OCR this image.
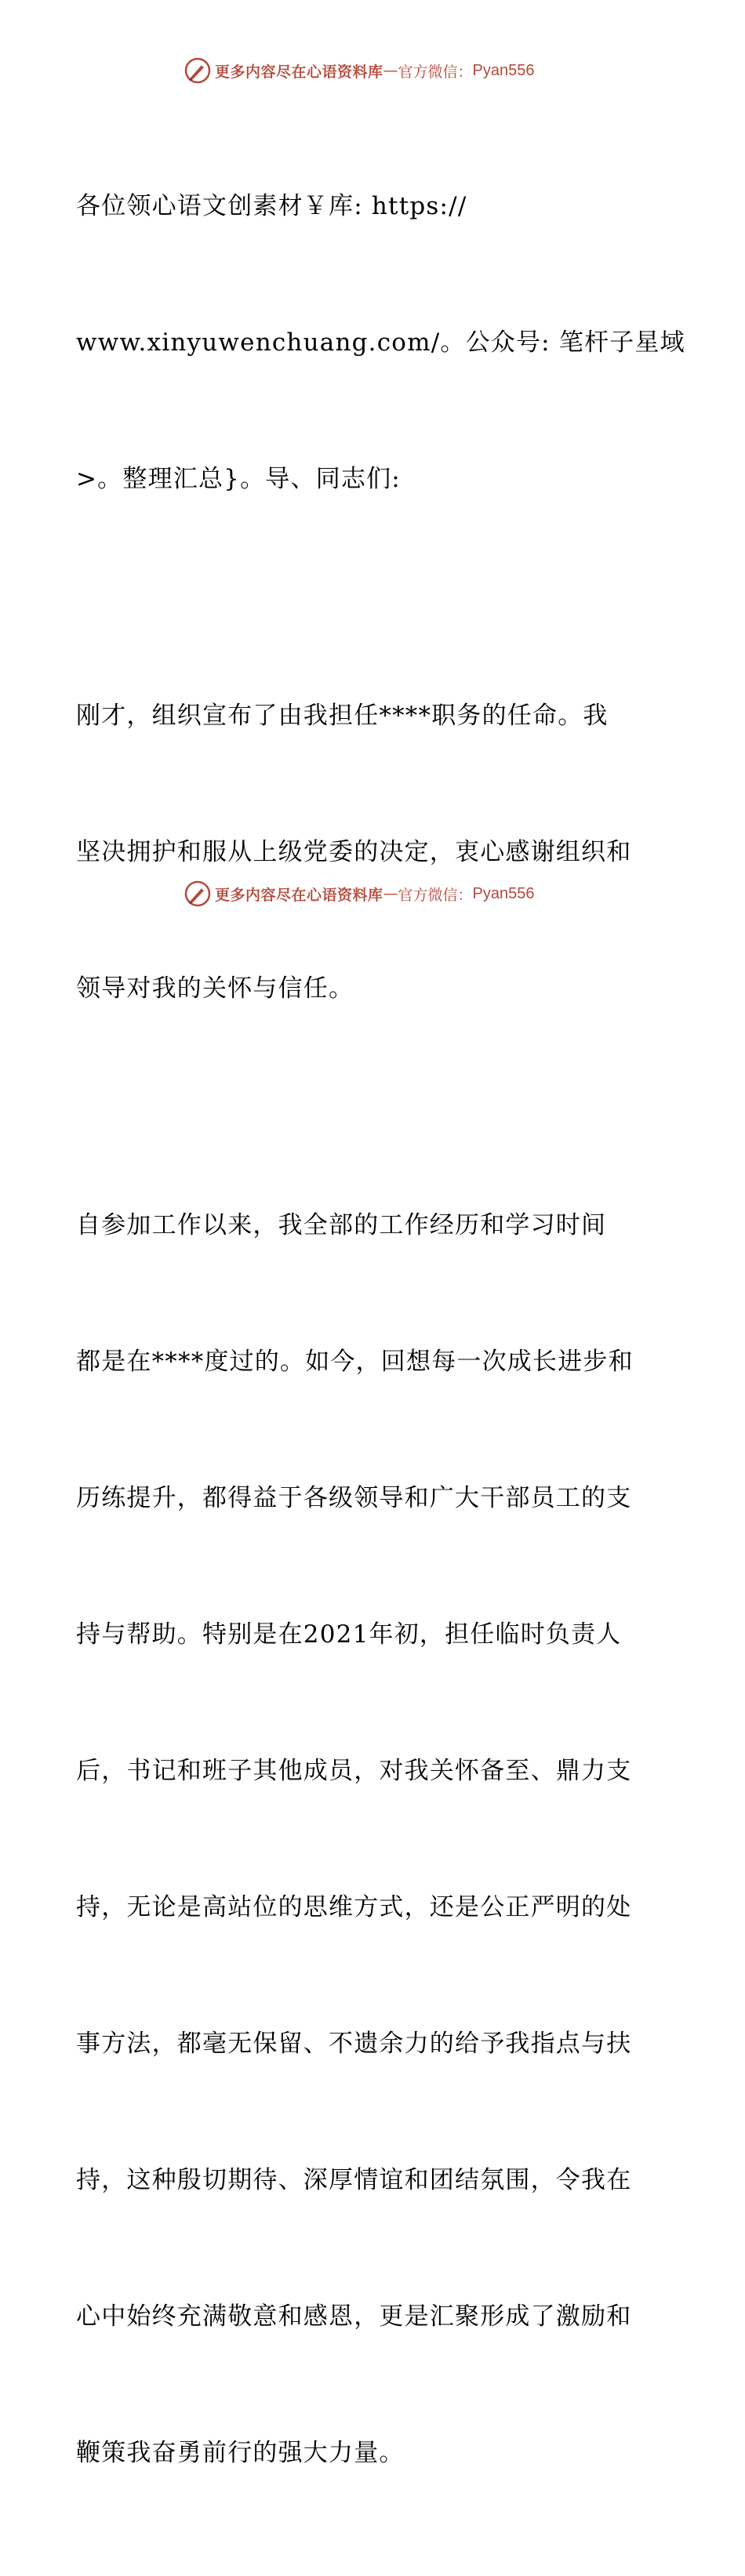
更多内容尽在心语资料库 — 官方微信： Pyan556

各位领心语文创素材￥库: https://

www.xinyuwenchuang.com/。公众号: 笔杆子星域

>。整理汇总}。导、同志们:

刚才，组织宣布了由我担任****职务的任命。我

坚决拥护和服从上级党委的决定，衷心感谢组织和

领导对我的关怀与信任。

自参加工作以来，我全部的工作经历和学习时间

都是在****度过的。如今，回想每一次成长进步和

历练提升，都得益于各级领导和广大干部员工的支

持与帮助。特别是在2021年初，担任临时负责人

后，书记和班子其他成员，对我关怀备至、鼎力支

持，无论是高站位的思维方式，还是公正严明的处

事方法，都毫无保留、不遗余力的给予我指点与扶

持，这种殷切期待、深厚情谊和团结氛围，令我在

心中始终充满敬意和感恩，更是汇聚形成了激励和

鞭策我奋勇前行的强大力量。

更多内容尽在心语资料库 — 官方微信： Pyan556
